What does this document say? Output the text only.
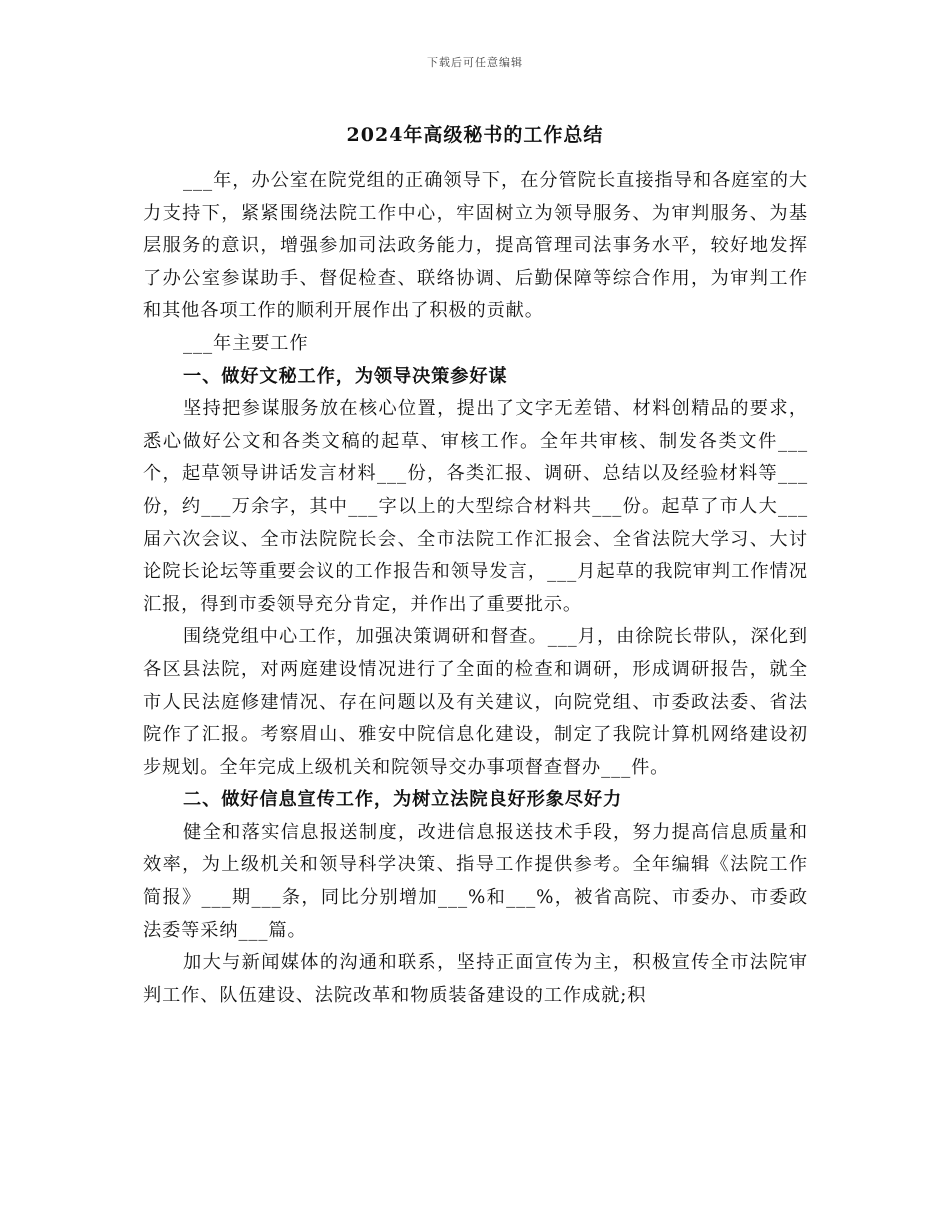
下载后可任意编辑
2024年高级秘书的工作总结

___年，办公室在院党组的正确领导下，在分管院长直接指导和各庭室的大力支持下，紧紧围绕法院工作中心，牢固树立为领导服务、为审判服务、为基层服务的意识，增强参加司法政务能力，提高管理司法事务水平，较好地发挥了办公室参谋助手、督促检查、联络协调、后勤保障等综合作用，为审判工作和其他各项工作的顺利开展作出了积极的贡献。

___年主要工作

一、做好文秘工作，为领导决策参好谋

坚持把参谋服务放在核心位置，提出了文字无差错、材料创精品的要求，悉心做好公文和各类文稿的起草、审核工作。全年共审核、制发各类文件___个，起草领导讲话发言材料___份，各类汇报、调研、总结以及经验材料等___份，约___万余字，其中___字以上的大型综合材料共___份。起草了市人大___届六次会议、全市法院院长会、全市法院工作汇报会、全省法院大学习、大讨论院长论坛等重要会议的工作报告和领导发言，___月起草的我院审判工作情况汇报，得到市委领导充分肯定，并作出了重要批示。

围绕党组中心工作，加强决策调研和督查。___月，由徐院长带队，深化到各区县法院，对两庭建设情况进行了全面的检查和调研，形成调研报告，就全市人民法庭修建情况、存在问题以及有关建议，向院党组、市委政法委、省法院作了汇报。考察眉山、雅安中院信息化建设，制定了我院计算机网络建设初步规划。全年完成上级机关和院领导交办事项督查督办___件。

二、做好信息宣传工作，为树立法院良好形象尽好力

健全和落实信息报送制度，改进信息报送技术手段，努力提高信息质量和效率，为上级机关和领导科学决策、指导工作提供参考。全年编辑《法院工作简报》___期___条，同比分别增加___%和___%，被省高院、市委办、市委政法委等采纳___篇。

加大与新闻媒体的沟通和联系，坚持正面宣传为主，积极宣传全市法院审判工作、队伍建设、法院改革和物质装备建设的工作成就;积
